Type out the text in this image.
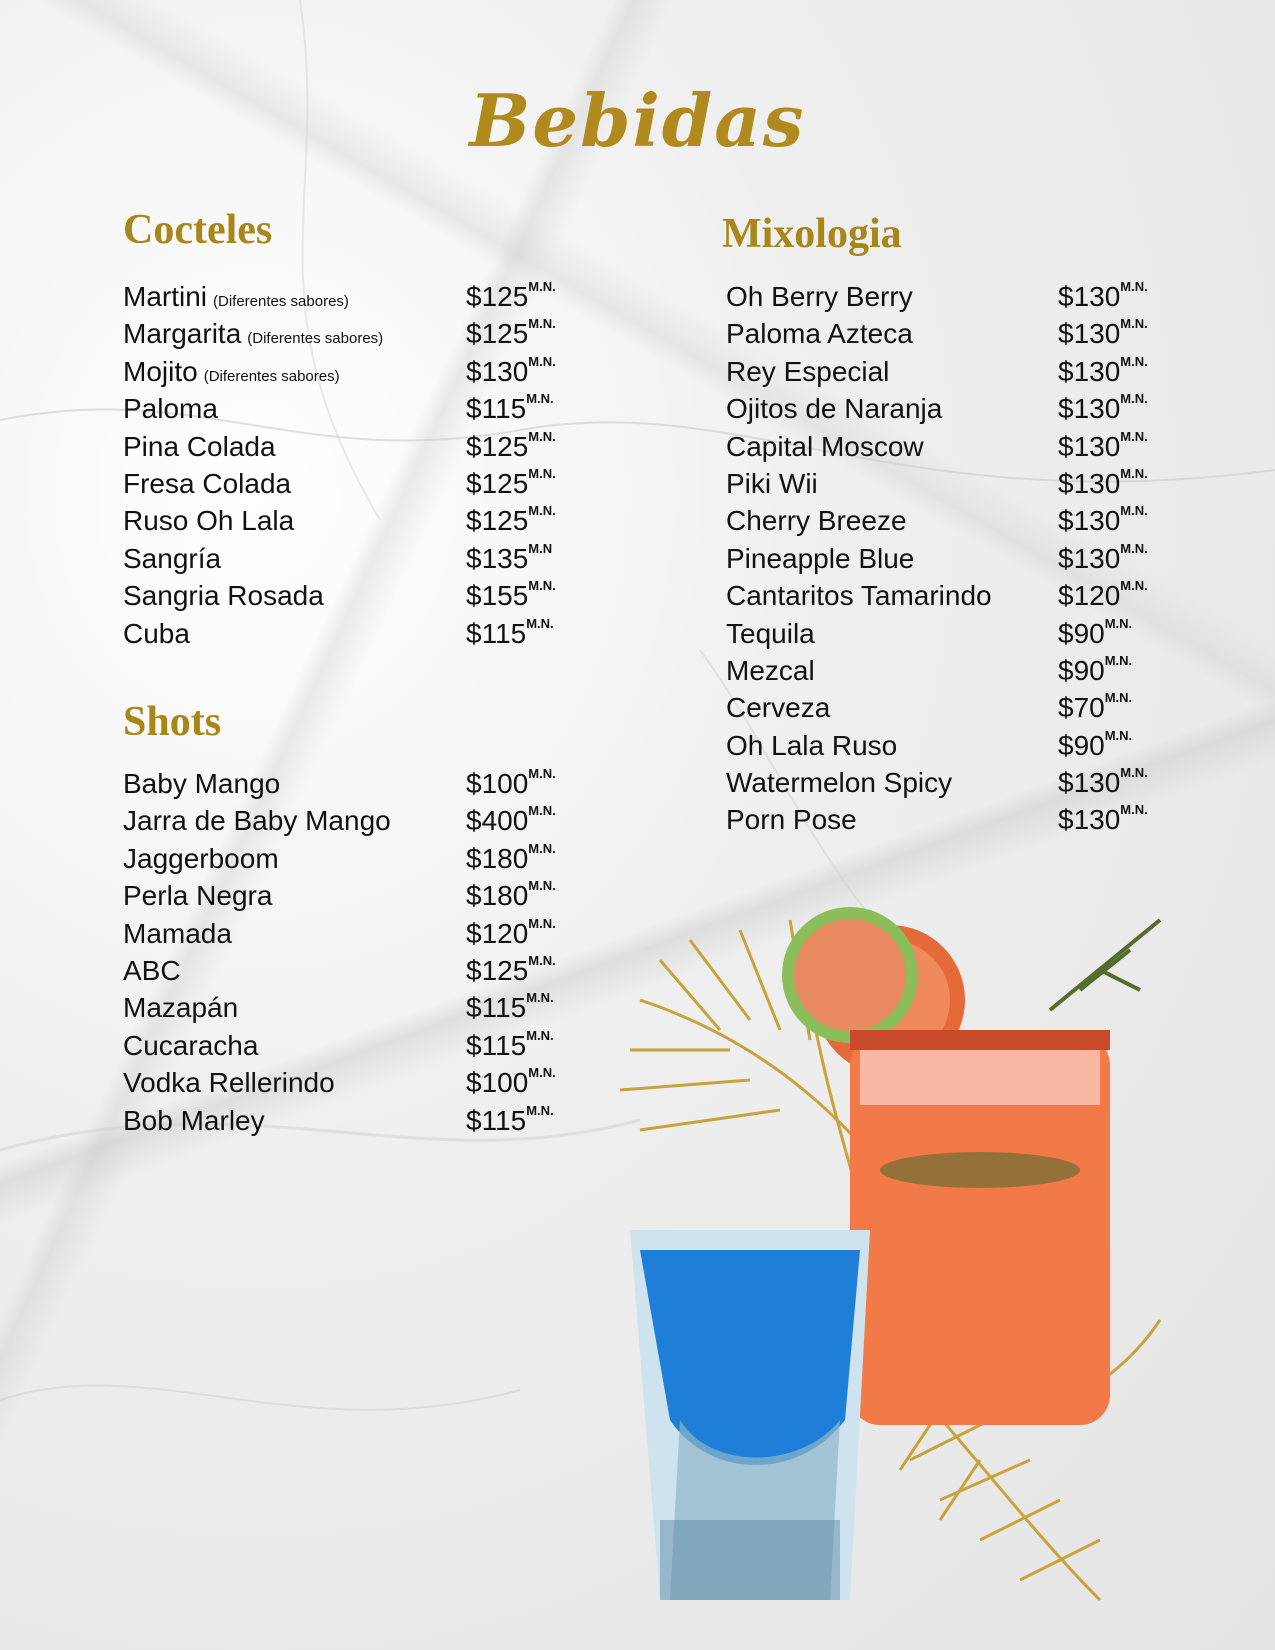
Bebidas
Cocteles
Martini (Diferentes sabores)	$\$125^{M.N.}$
Margarita (Diferentes sabores)	$\$125^{M.N.}$
Mojito (Diferentes sabores)	$\$130^{M.N.}$
Paloma	$\$115^{M.N.}$
Pina Colada	$\$125^{M.N.}$
Fresa Colada	$\$125^{M.N.}$
Ruso Oh Lala	$\$125^{M.N.}$
Sangría	$\$135^{M.N}$
Sangria Rosada	$\$155^{M.N.}$
Cuba	$\$115^{M.N.}$
Shots
Baby Mango	$\$100^{M.N.}$
Jarra de Baby Mango	$\$400^{M.N.}$
Jaggerboom	$\$180^{M.N.}$
Perla Negra	$\$180^{M.N.}$
Mamada	$\$120^{M.N.}$
ABC	$\$125^{M.N.}$
Mazapán	$\$115^{M.N.}$
Cucaracha	$\$115^{M.N.}$
Vodka Rellerindo	$\$100^{M.N.}$
Bob Marley	$\$115^{M.N.}$
Mixologia
Oh Berry Berry	$\$130^{M.N.}$
Paloma Azteca	$\$130^{M.N.}$
Rey Especial	$\$130^{M.N.}$
Ojitos de Naranja	$\$130^{M.N.}$
Capital Moscow	$\$130^{M.N.}$
Piki Wii	$\$130^{M.N.}$
Cherry Breeze	$\$130^{M.N.}$
Pineapple Blue	$\$130^{M.N.}$
Cantaritos Tamarindo $\$120^{M.N.}$
Tequila	$\$90^{M.N.}$
Mezcal	$\$90^{M.N.}$
Cerveza	$\$70^{M.N.}$
Oh Lala Ruso	$\$90^{M.N.}$
Watermelon Spicy	$\$130^{M.N.}$
Porn Pose	$\$130^{M.N.}$
